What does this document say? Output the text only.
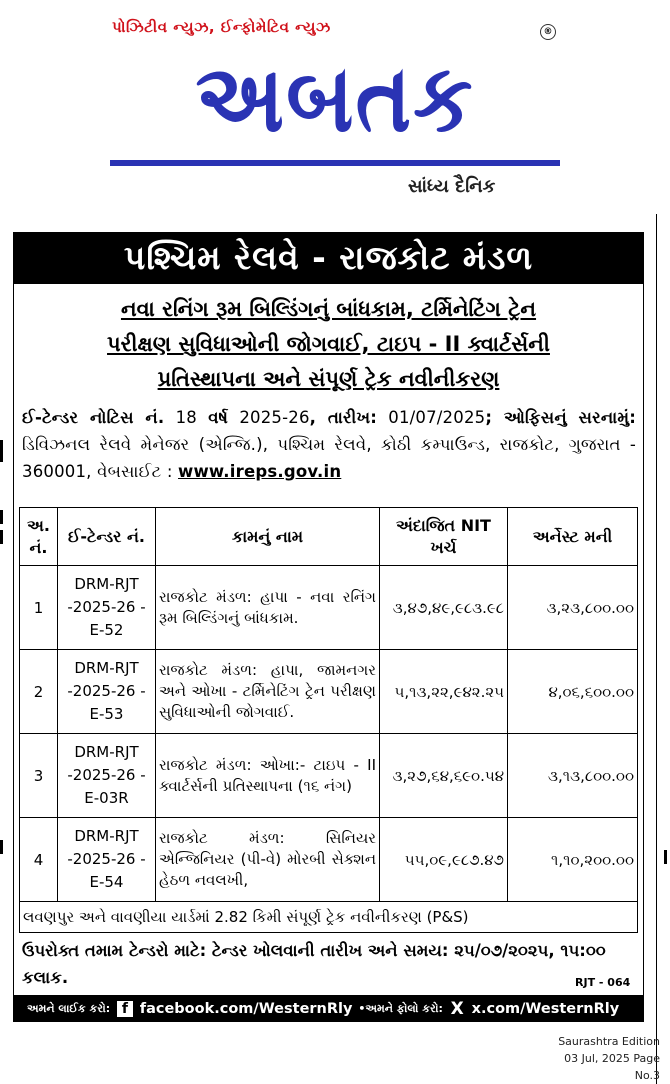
પોઝિટીવ ન્યુઝ, ઈન્ફોમેટિવ ન્યુઝ	®
અબતક
સાંધ્ય દૈનિક
પશ્ચિમ રેલવે - રાજકોટ મંડળ
નવા રનિંગ રૂમ બિલ્ડિંગનું બાંધકામ, ટર્મિનેટિંગ ટ્રેન
પરીક્ષણ સુવિધાઓની જોગવાઈ, ટાઇપ - II ક્વાર્ટર્સની
પ્રતિસ્થાપના અને સંપૂર્ણ ટ્રેક નવીનીકરણ
ઈ-ટેન્ડર નોટિસ નં. 18 વર્ષ 2025-26, તારીખ: 01/07/2025; ઓફિસનું સરનામું: ડિવિઝનલ રેલવે મેનેજર (એન્જિ.), પશ્ચિમ રેલવે, કોઠી કમ્પાઉન્ડ, રાજકોટ, ગુજરાત - 360001, વેબસાઈટ : www.ireps.gov.in
અ. નં.	ઈ-ટેન્ડર નં.	કામનું નામ	અંદાજિત NIT ખર્ચ	અર્નેસ્ટ મની
1	DRM-RJT -2025-26 -E-52	રાજકોટ મંડળ: હાપા - નવા રનિંગ રૂમ બિલ્ડિંગનું બાંધકામ.	૩,૪૭,૪૯,૯૮૩.૯૮	૩,૨૩,૮૦૦.૦૦
2	DRM-RJT -2025-26 -E-53	રાજકોટ મંડળ: હાપા, જામનગર અને ઓખા - ટર્મિનેટિંગ ટ્રેન પરીક્ષણ સુવિધાઓની જોગવાઈ.	૫,૧૩,૨૨,૯૪૨.૨૫	૪,૦૬,૬૦૦.૦૦
3	DRM-RJT -2025-26 -E-03R	રાજકોટ મંડળ: ઓખા:- ટાઇપ - II ક્વાર્ટર્સની પ્રતિસ્થાપના (૧૬ નંગ)	૩,૨૭,૬૪,૬૯૦.૫૪	૩,૧૩,૮૦૦.૦૦
4	DRM-RJT -2025-26 -E-54	રાજકોટ મંડળ: સિનિયર એન્જિનિયર (પી-વે) મોરબી સેક્શન હેઠળ નવલખી,	૫૫,૦૯,૯૮૭.૪૭	૧,૧૦,૨૦૦.૦૦
લવણપુર અને વાવણીયા યાર્ડમાં 2.82 કિમી સંપૂર્ણ ટ્રેક નવીનીકરણ (P&S)				
ઉપરોક્ત તમામ ટેન્ડરો માટે: ટેન્ડર ખોલવાની તારીખ અને સમય: ૨૫/૦૭/૨૦૨૫, ૧૫:૦૦ કલાક.	RJT - 064
અમને લાઈક કરો: f facebook.com/WesternRly •અમને ફોલો કરો: X x.com/WesternRly
Saurashtra Edition
03 Jul, 2025 Page No.3
